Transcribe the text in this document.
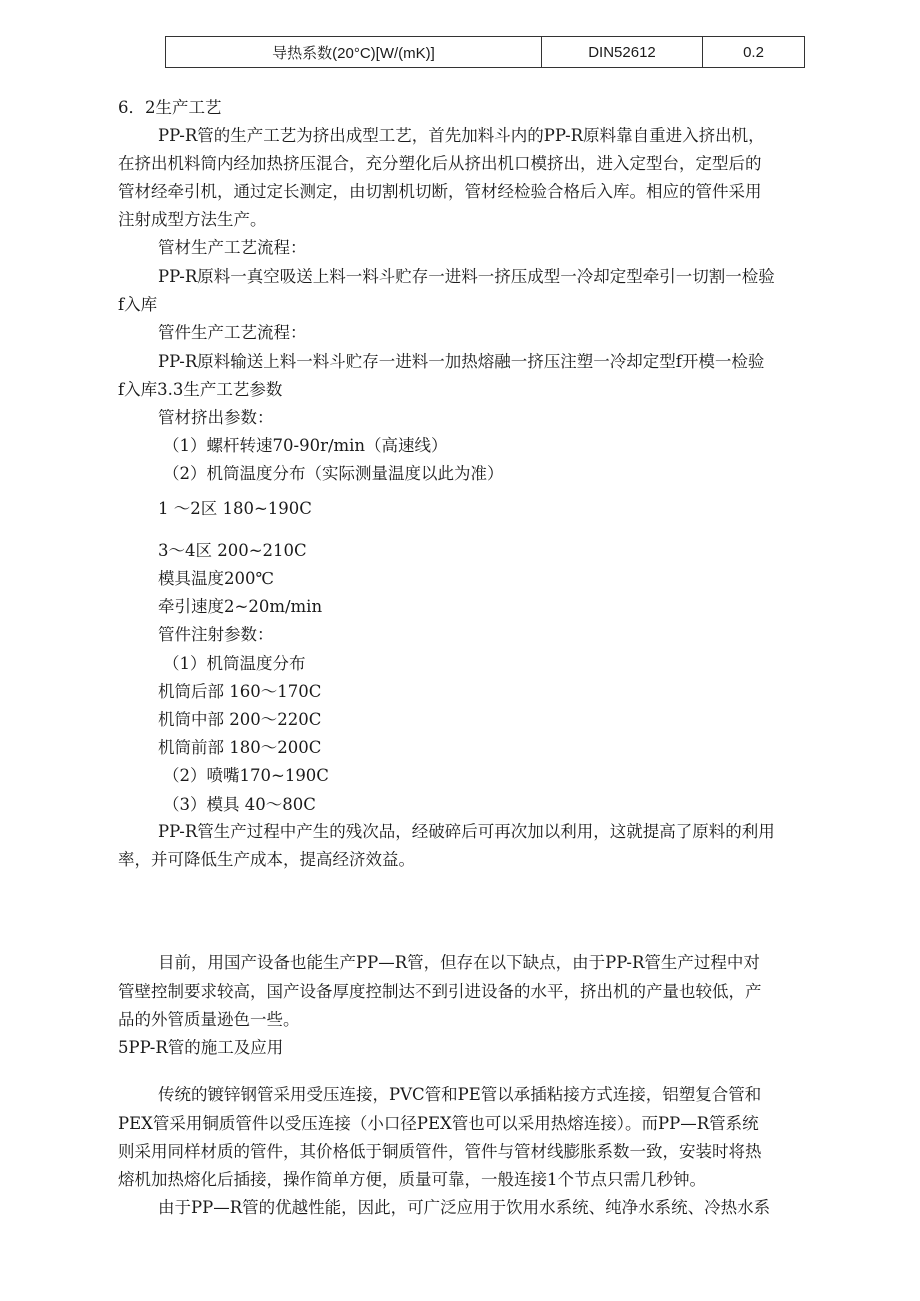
导热系数(20°C)[W/(mK)]	DIN52612	0.2
6．2生产工艺
PP-R管的生产工艺为挤出成型工艺，首先加料斗内的PP-R原料靠自重进入挤出机，
在挤出机料筒内经加热挤压混合，充分塑化后从挤出机口模挤出，进入定型台，定型后的
管材经牵引机，通过定长测定，由切割机切断，管材经检验合格后入库。相应的管件采用
注射成型方法生产。
管材生产工艺流程：
PP-R原料一真空吸送上料一料斗贮存一进料一挤压成型一冷却定型牵引一切割一检验
f入库
管件生产工艺流程：
PP-R原料输送上料一料斗贮存一进料一加热熔融一挤压注塑一冷却定型f开模一检验
f入库3.3生产工艺参数
管材挤出参数：
（1）螺杆转速70-90r∕min（高速线）
（2）机筒温度分布（实际测量温度以此为准）
1 ～2区 180~190C
3～4区 200~210C
模具温度200℃
牵引速度2~20m∕min
管件注射参数：
（1）机筒温度分布
机筒后部 160～170C
机筒中部 200～220C
机筒前部 180～200C
（2）喷嘴170~190C
（3）模具 40～80C
PP-R管生产过程中产生的残次品，经破碎后可再次加以利用，这就提高了原料的利用
率，并可降低生产成本，提高经济效益。
目前，用国产设备也能生产PP—R管，但存在以下缺点，由于PP-R管生产过程中对
管壁控制要求较高，国产设备厚度控制达不到引进设备的水平，挤出机的产量也较低，产
品的外管质量逊色一些。
5PP-R管的施工及应用
传统的镀锌钢管采用受压连接，PVC管和PE管以承插粘接方式连接，铝塑复合管和
PEX管采用铜质管件以受压连接（小口径PEX管也可以采用热熔连接）。而PP—R管系统
则采用同样材质的管件，其价格低于铜质管件，管件与管材线膨胀系数一致，安装时将热
熔机加热熔化后插接，操作简单方便，质量可靠，一般连接1个节点只需几秒钟。
由于PP—R管的优越性能，因此，可广泛应用于饮用水系统、纯净水系统、冷热水系
